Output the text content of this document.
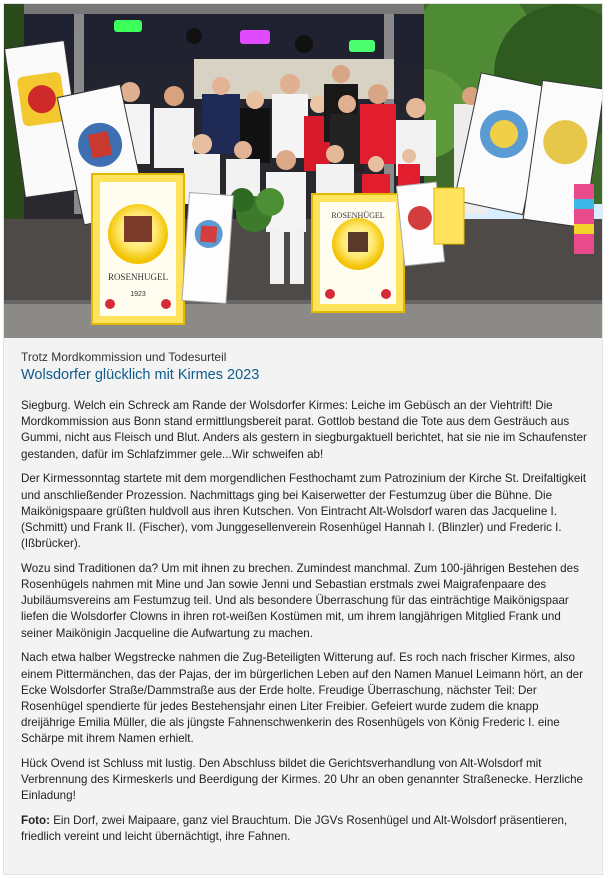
ROSENHUGEL
1923
ROSENHÜGEL
Trotz Mordkommission und Todesurteil
Wolsdorfer glücklich mit Kirmes 2023

Siegburg. Welch ein Schreck am Rande der Wolsdorfer Kirmes: Leiche im Gebüsch an der Viehtrift! Die Mordkommission aus Bonn stand ermittlungsbereit parat. Gottlob bestand die Tote aus dem Gesträuch aus Gummi, nicht aus Fleisch und Blut. Anders als gestern in siegburgaktuell berichtet, hat sie nie im Schaufenster gestanden, dafür im Schlafzimmer gele...Wir schweifen ab!

Der Kirmessonntag startete mit dem morgendlichen Festhochamt zum Patrozinium der Kirche St. Dreifaltigkeit und anschließender Prozession. Nachmittags ging bei Kaiserwetter der Festumzug über die Bühne. Die Maikönigspaare grüßten huldvoll aus ihren Kutschen. Von Eintracht Alt-Wolsdorf waren das Jacqueline I. (Schmitt) und Frank II. (Fischer), vom Junggesellenverein Rosenhügel Hannah I. (Blinzler) und Frederic I. (Ißbrücker).

Wozu sind Traditionen da? Um mit ihnen zu brechen. Zumindest manchmal. Zum 100-jährigen Bestehen des Rosenhügels nahmen mit Mine und Jan sowie Jenni und Sebastian erstmals zwei Maigrafenpaare des Jubiläumsvereins am Festumzug teil. Und als besondere Überraschung für das einträchtige Maikönigspaar liefen die Wolsdorfer Clowns in ihren rot-weißen Kostümen mit, um ihrem langjährigen Mitglied Frank und seiner Maikönigin Jacqueline die Aufwartung zu machen.

Nach etwa halber Wegstrecke nahmen die Zug-Beteiligten Witterung auf. Es roch nach frischer Kirmes, also einem Pittermänchen, das der Pajas, der im bürgerlichen Leben auf den Namen Manuel Leimann hört, an der Ecke Wolsdorfer Straße/Dammstraße aus der Erde holte. Freudige Überraschung, nächster Teil: Der Rosenhügel spendierte für jedes Bestehensjahr einen Liter Freibier. Gefeiert wurde zudem die knapp dreijährige Emilia Müller, die als jüngste Fahnenschwenkerin des Rosenhügels von König Frederic I. eine Schärpe mit ihrem Namen erhielt.

Hück Ovend ist Schluss mit lustig. Den Abschluss bildet die Gerichtsverhandlung von Alt-Wolsdorf mit Verbrennung des Kirmeskerls und Beerdigung der Kirmes. 20 Uhr an oben genannter Straßenecke. Herzliche Einladung!

Foto: Ein Dorf, zwei Maipaare, ganz viel Brauchtum. Die JGVs Rosenhügel und Alt-Wolsdorf präsentieren, friedlich vereint und leicht übernächtigt, ihre Fahnen.
